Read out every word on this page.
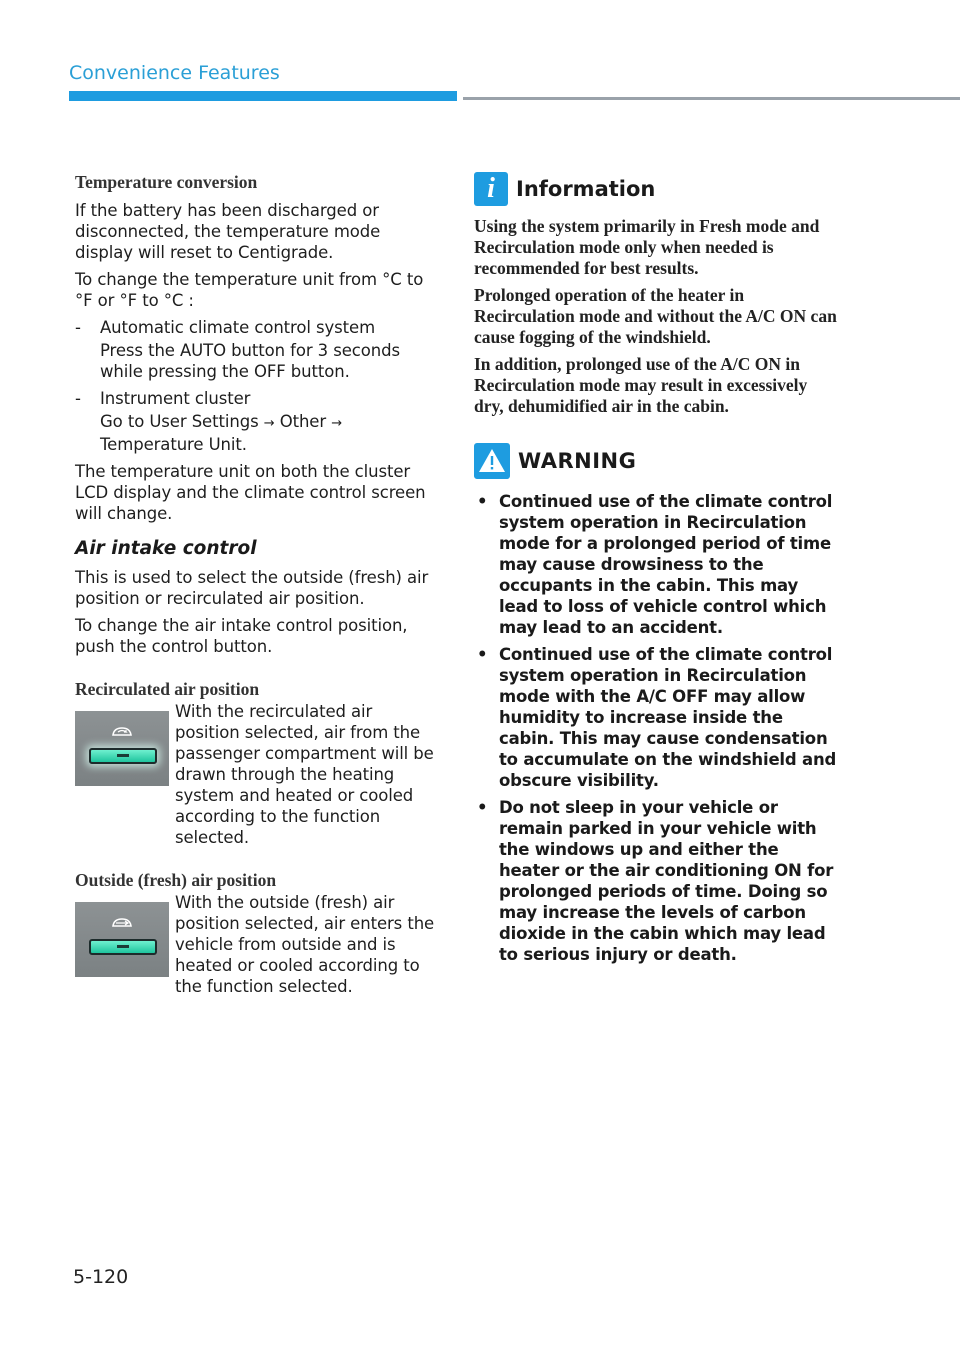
Convenience Features
Temperature conversion

If the battery has been discharged or disconnected, the temperature mode display will reset to Centigrade.

To change the temperature unit from °C to °F or °F to °C :

- Automatic climate control system

Press the AUTO button for 3 seconds while pressing the OFF button.

- Instrument cluster

Go to User Settings → Other → Temperature Unit.

The temperature unit on both the cluster LCD display and the climate control screen will change.

Air intake control

This is used to select the outside (fresh) air position or recirculated air position.

To change the air intake control position, push the control button.

Recirculated air position

With the recirculated air position selected, air from the passenger compartment will be drawn through the heating system and heated or cooled according to the function selected.

Outside (fresh) air position

With the outside (fresh) air position selected, air enters the vehicle from outside and is heated or cooled according to the function selected.

i	Information

Using the system primarily in Fresh mode and Recirculation mode only when needed is recommended for best results.

Prolonged operation of the heater in Recirculation mode and without the A/C ON can cause fogging of the windshield.

In addition, prolonged use of the A/C ON in Recirculation mode may result in excessively dry, dehumidified air in the cabin.

WARNING
• Continued use of the climate control system operation in Recirculation mode for a prolonged period of time may cause drowsiness to the occupants in the cabin. This may lead to loss of vehicle control which may lead to an accident.

• Continued use of the climate control system operation in Recirculation mode with the A/C OFF may allow humidity to increase inside the cabin. This may cause condensation to accumulate on the windshield and obscure visibility.

• Do not sleep in your vehicle or remain parked in your vehicle with the windows up and either the heater or the air conditioning ON for prolonged periods of time. Doing so may increase the levels of carbon dioxide in the cabin which may lead to serious injury or death.

5-120
